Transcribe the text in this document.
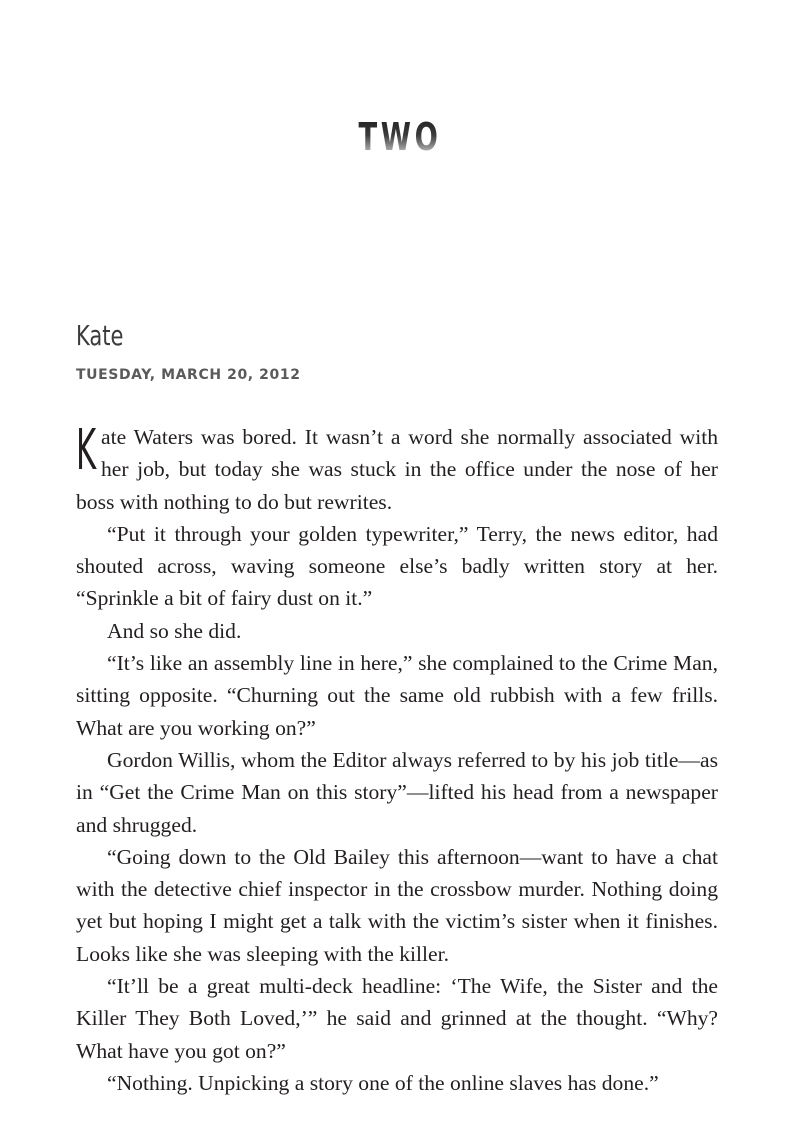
TWO
Kate
TUESDAY, MARCH 20, 2012

Kate Waters was bored. It wasn’t a word she normally associated with her job, but today she was stuck in the office under the nose of her boss with nothing to do but rewrites.

“Put it through your golden typewriter,” Terry, the news editor, had shouted across, waving someone else’s badly written story at her. “Sprinkle a bit of fairy dust on it.”

And so she did.

“It’s like an assembly line in here,” she complained to the Crime Man, sitting opposite. “Churning out the same old rubbish with a few frills. What are you working on?”

Gordon Willis, whom the Editor always referred to by his job title—as in “Get the Crime Man on this story”—lifted his head from a newspaper and shrugged.

“Going down to the Old Bailey this afternoon—want to have a chat with the detective chief inspector in the crossbow murder. Nothing doing yet but hoping I might get a talk with the victim’s sister when it finishes. Looks like she was sleeping with the killer.

“It’ll be a great multi-deck headline: ‘The Wife, the Sister and the Killer They Both Loved,’” he said and grinned at the thought. “Why? What have you got on?”

“Nothing. Unpicking a story one of the online slaves has done.”
